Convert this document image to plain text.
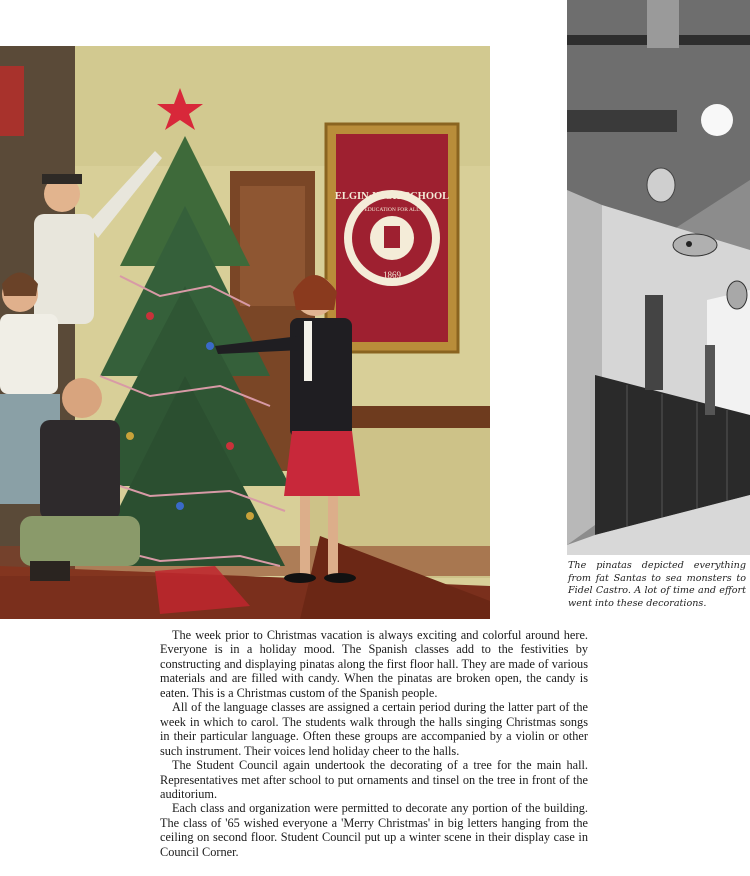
ELGIN·HIGH·SCHOOL
EDUCATION FOR ALL
1869
The pinatas depicted everything from fat Santas to sea monsters to Fidel Castro. A lot of time and effort went into these decorations.

The week prior to Christmas vacation is always exciting and colorful around here. Everyone is in a holiday mood. The Spanish classes add to the festivities by constructing and displaying pinatas along the first floor hall. They are made of various materials and are filled with candy. When the pinatas are broken open, the candy is eaten. This is a Christmas custom of the Spanish people.

All of the language classes are assigned a certain period during the latter part of the week in which to carol. The students walk through the halls singing Christmas songs in their particular language. Often these groups are accompanied by a violin or other such instrument. Their voices lend holiday cheer to the halls.

The Student Council again undertook the decorating of a tree for the main hall. Representatives met after school to put ornaments and tinsel on the tree in front of the auditorium.

Each class and organization were permitted to decorate any portion of the building. The class of '65 wished everyone a 'Merry Christmas' in big letters hanging from the ceiling on second floor. Student Council put up a winter scene in their display case in Council Corner.
